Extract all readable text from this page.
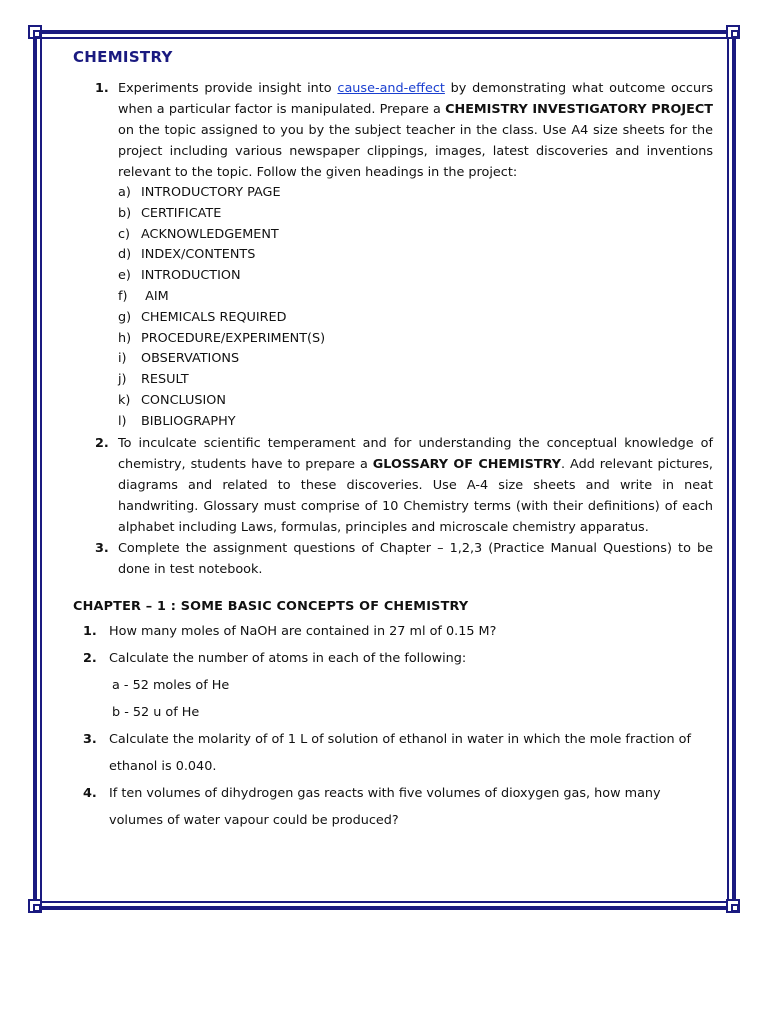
CHEMISTRY

1. Experiments provide insight into cause-and-effect by demonstrating what outcome occurs when a particular factor is manipulated. Prepare a CHEMISTRY INVESTIGATORY PROJECT on the topic assigned to you by the subject teacher in the class. Use A4 size sheets for the project including various newspaper clippings, images, latest discoveries and inventions relevant to the topic. Follow the given headings in the project:

a) INTRODUCTORY PAGE
b) CERTIFICATE
c) ACKNOWLEDGEMENT
d) INDEX/CONTENTS
e) INTRODUCTION
f) AIM
g) CHEMICALS REQUIRED
h) PROCEDURE/EXPERIMENT(S)
i) OBSERVATIONS
j) RESULT
k) CONCLUSION
l) BIBLIOGRAPHY

2. To inculcate scientific temperament and for understanding the conceptual knowledge of chemistry, students have to prepare a GLOSSARY OF CHEMISTRY. Add relevant pictures, diagrams and related to these discoveries. Use A-4 size sheets and write in neat handwriting. Glossary must comprise of 10 Chemistry terms (with their definitions) of each alphabet including Laws, formulas, principles and microscale chemistry apparatus.

3. Complete the assignment questions of Chapter – 1,2,3 (Practice Manual Questions) to be done in test notebook.

CHAPTER – 1 : SOME BASIC CONCEPTS OF CHEMISTRY

1. How many moles of NaOH are contained in 27 ml of 0.15 M?

2. Calculate the number of atoms in each of the following:

a - 52 moles of He

b - 52 u of He

3. Calculate the molarity of of 1 L of solution of ethanol in water in which the mole fraction of ethanol is 0.040.

4. If ten volumes of dihydrogen gas reacts with five volumes of dioxygen gas, how many volumes of water vapour could be produced?
